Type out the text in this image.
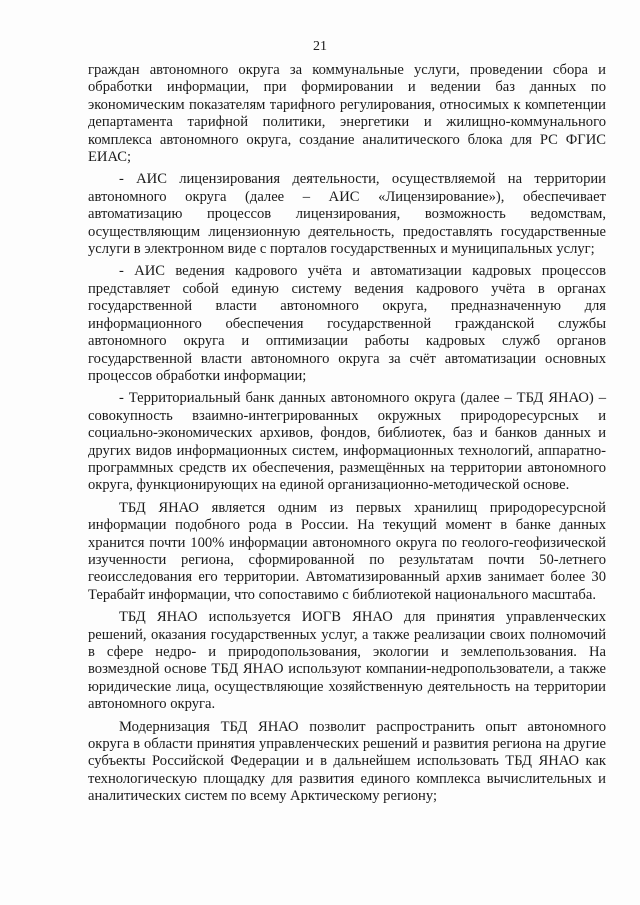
21

граждан автономного округа за коммунальные услуги, проведении сбора и обработки информации, при формировании и ведении баз данных по экономическим показателям тарифного регулирования, относимых к компетенции департамента тарифной политики, энергетики и жилищно-коммунального комплекса автономного округа, создание аналитического блока для РС ФГИС ЕИАС;

- АИС лицензирования деятельности, осуществляемой на территории автономного округа (далее – АИС «Лицензирование»), обеспечивает автоматизацию процессов лицензирования, возможность ведомствам, осуществляющим лицензионную деятельность, предоставлять государственные услуги в электронном виде с порталов государственных и муниципальных услуг;

- АИС ведения кадрового учёта и автоматизации кадровых процессов представляет собой единую систему ведения кадрового учёта в органах государственной власти автономного округа, предназначенную для информационного обеспечения государственной гражданской службы автономного округа и оптимизации работы кадровых служб органов государственной власти автономного округа за счёт автоматизации основных процессов обработки информации;

- Территориальный банк данных автономного округа (далее – ТБД ЯНАО) – совокупность взаимно-интегрированных окружных природоресурсных и социально-экономических архивов, фондов, библиотек, баз и банков данных и других видов информационных систем, информационных технологий, аппаратно-программных средств их обеспечения, размещённых на территории автономного округа, функционирующих на единой организационно-методической основе.

ТБД ЯНАО является одним из первых хранилищ природоресурсной информации подобного рода в России. На текущий момент в банке данных хранится почти 100% информации автономного округа по геолого-геофизической изученности региона, сформированной по результатам почти 50-летнего геоисследования его территории. Автоматизированный архив занимает более 30 Терабайт информации, что сопоставимо с библиотекой национального масштаба.

ТБД ЯНАО используется ИОГВ ЯНАО для принятия управленческих решений, оказания государственных услуг, а также реализации своих полномочий в сфере недро- и природопользования, экологии и землепользования. На возмездной основе ТБД ЯНАО используют компании-недропользователи, а также юридические лица, осуществляющие хозяйственную деятельность на территории автономного округа.

Модернизация ТБД ЯНАО позволит распространить опыт автономного округа в области принятия управленческих решений и развития региона на другие субъекты Российской Федерации и в дальнейшем использовать ТБД ЯНАО как технологическую площадку для развития единого комплекса вычислительных и аналитических систем по всему Арктическому региону;
